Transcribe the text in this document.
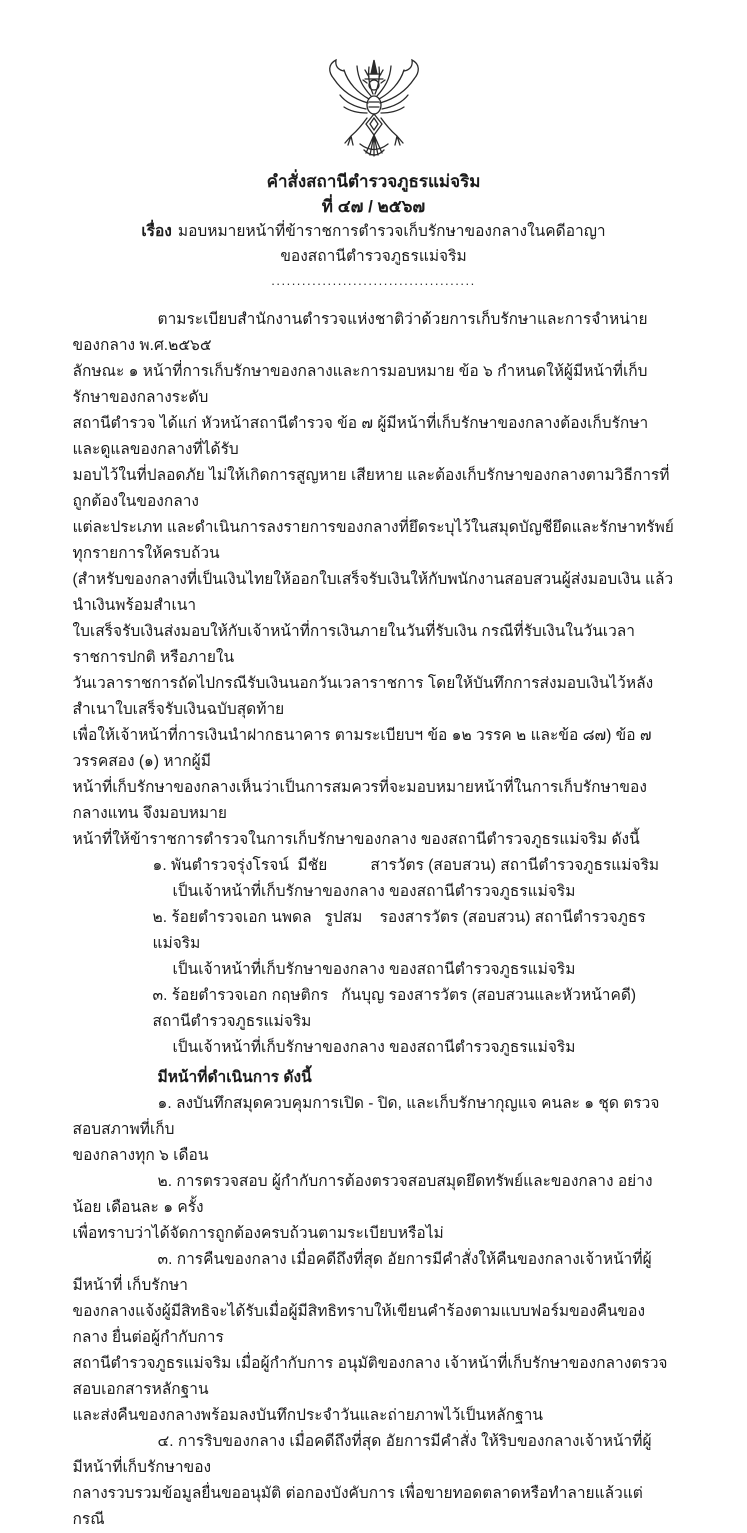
คำสั่งสถานีตำรวจภูธรแม่จริม
ที่ ๔๗ / ๒๕๖๗
เรื่อง มอบหมายหน้าที่ข้าราชการตำรวจเก็บรักษาของกลางในคดีอาญา
ของสถานีตำรวจภูธรแม่จริม
........................................
ตามระเบียบสำนักงานตำรวจแห่งชาติว่าด้วยการเก็บรักษาและการจำหน่ายของกลาง พ.ศ.๒๕๖๕
ลักษณะ ๑ หน้าที่การเก็บรักษาของกลางและการมอบหมาย ข้อ ๖ กำหนดให้ผู้มีหน้าที่เก็บรักษาของกลางระดับ
สถานีตำรวจ ได้แก่ หัวหน้าสถานีตำรวจ ข้อ ๗ ผู้มีหน้าที่เก็บรักษาของกลางต้องเก็บรักษาและดูแลของกลางที่ได้รับ
มอบไว้ในที่ปลอดภัย ไม่ให้เกิดการสูญหาย เสียหาย และต้องเก็บรักษาของกลางตามวิธีการที่ถูกต้องในของกลาง
แต่ละประเภท และดำเนินการลงรายการของกลางที่ยึดระบุไว้ในสมุดบัญชียึดและรักษาทรัพย์ทุกรายการให้ครบถ้วน
(สำหรับของกลางที่เป็นเงินไทยให้ออกใบเสร็จรับเงินให้กับพนักงานสอบสวนผู้ส่งมอบเงิน แล้วนำเงินพร้อมสำเนา
ใบเสร็จรับเงินส่งมอบให้กับเจ้าหน้าที่การเงินภายในวันที่รับเงิน กรณีที่รับเงินในวันเวลาราชการปกติ หรือภายใน
วันเวลาราชการถัดไปกรณีรับเงินนอกวันเวลาราชการ โดยให้บันทึกการส่งมอบเงินไว้หลังสำเนาใบเสร็จรับเงินฉบับสุดท้าย
เพื่อให้เจ้าหน้าที่การเงินนำฝากธนาคาร ตามระเบียบฯ ข้อ ๑๒ วรรค ๒ และข้อ ๘๗) ข้อ ๗ วรรคสอง (๑) หากผู้มี
หน้าที่เก็บรักษาของกลางเห็นว่าเป็นการสมควรที่จะมอบหมายหน้าที่ในการเก็บรักษาของกลางแทน จึงมอบหมาย
หน้าที่ให้ข้าราชการตำรวจในการเก็บรักษาของกลาง ของสถานีตำรวจภูธรแม่จริม ดังนี้
๑. พันตำรวจรุ่งโรจน์  มีชัย          สารวัตร (สอบสวน) สถานีตำรวจภูธรแม่จริม
เป็นเจ้าหน้าที่เก็บรักษาของกลาง ของสถานีตำรวจภูธรแม่จริม
๒. ร้อยตำรวจเอก นพดล   รูปสม    รองสารวัตร (สอบสวน) สถานีตำรวจภูธรแม่จริม
เป็นเจ้าหน้าที่เก็บรักษาของกลาง ของสถานีตำรวจภูธรแม่จริม
๓. ร้อยตำรวจเอก กฤษติกร   กันบุญ รองสารวัตร (สอบสวนและหัวหน้าคดี) สถานีตำรวจภูธรแม่จริม
เป็นเจ้าหน้าที่เก็บรักษาของกลาง ของสถานีตำรวจภูธรแม่จริม
มีหน้าที่ดำเนินการ ดังนี้
๑. ลงบันทึกสมุดควบคุมการเปิด - ปิด, และเก็บรักษากุญแจ คนละ ๑ ชุด ตรวจสอบสภาพที่เก็บ
ของกลางทุก ๖ เดือน
๒. การตรวจสอบ ผู้กำกับการต้องตรวจสอบสมุดยึดทรัพย์และของกลาง อย่างน้อย เดือนละ ๑ ครั้ง
เพื่อทราบว่าได้จัดการถูกต้องครบถ้วนตามระเบียบหรือไม่
๓. การคืนของกลาง เมื่อคดีถึงที่สุด อัยการมีคำสั่งให้คืนของกลางเจ้าหน้าที่ผู้มีหน้าที่ เก็บรักษา
ของกลางแจ้งผู้มีสิทธิจะได้รับเมื่อผู้มีสิทธิทราบให้เขียนคำร้องตามแบบฟอร์มของคืนของกลาง ยื่นต่อผู้กำกับการ
สถานีตำรวจภูธรแม่จริม เมื่อผู้กำกับการ อนุมัติของกลาง เจ้าหน้าที่เก็บรักษาของกลางตรวจสอบเอกสารหลักฐาน
และส่งคืนของกลางพร้อมลงบันทึกประจำวันและถ่ายภาพไว้เป็นหลักฐาน
๔. การริบของกลาง เมื่อคดีถึงที่สุด อัยการมีคำสั่ง ให้ริบของกลางเจ้าหน้าที่ผู้มีหน้าที่เก็บรักษาของ
กลางรวบรวมข้อมูลยื่นขออนุมัติ ต่อกองบังคับการ เพื่อขายทอดตลาดหรือทำลายแล้วแต่กรณี
